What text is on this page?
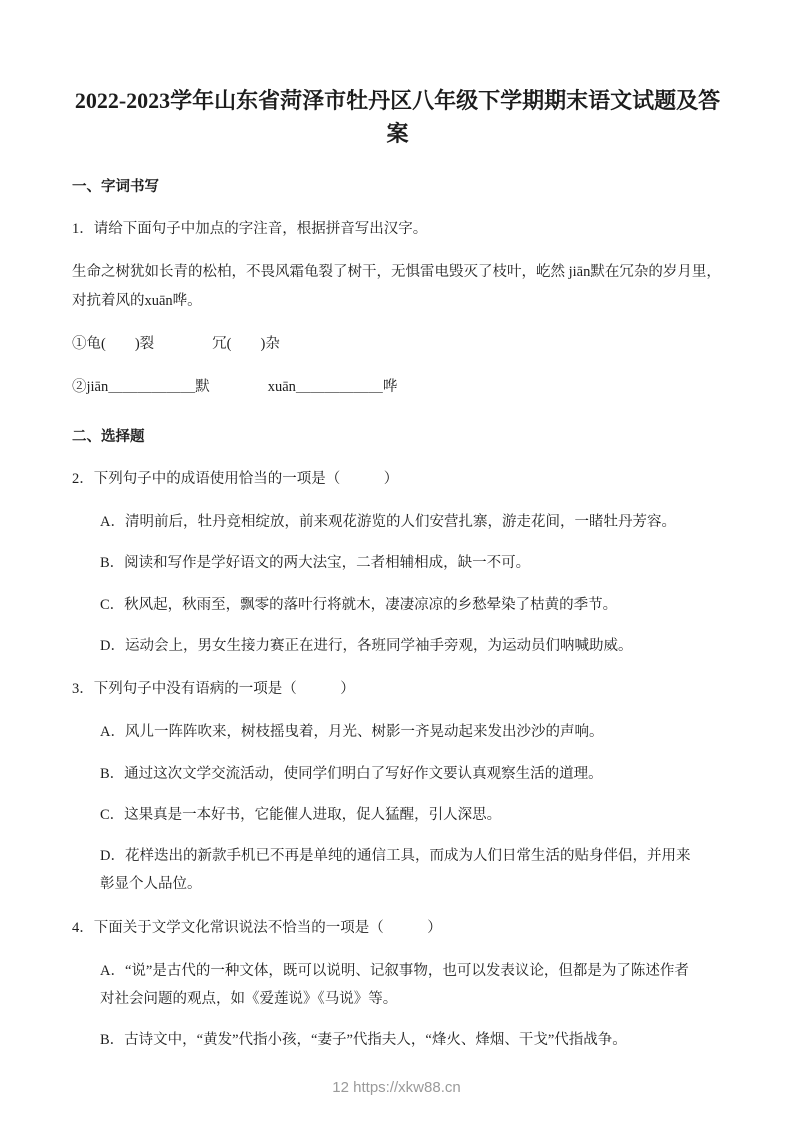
2022-2023学年山东省菏泽市牡丹区八年级下学期期末语文试题及答案

一、字词书写

1．请给下面句子中加点的字注音，根据拼音写出汉字。

生命之树犹如长青的松柏，不畏风霜龟裂了树干，无惧雷电毁灭了枝叶，屹然 jiān默在冗杂的岁月里，对抗着风的xuān哗。

①龟(　　)裂　　　　冗(　　)杂

②jiān＿＿＿＿＿＿默　　　　xuān＿＿＿＿＿＿哗

二、选择题

2．下列句子中的成语使用恰当的一项是（　　　）

A．清明前后，牡丹竞相绽放，前来观花游览的人们安营扎寨，游走花间，一睹牡丹芳容。

B．阅读和写作是学好语文的两大法宝，二者相辅相成，缺一不可。

C．秋风起，秋雨至，飘零的落叶行将就木，凄凄凉凉的乡愁晕染了枯黄的季节。

D．运动会上，男女生接力赛正在进行，各班同学袖手旁观，为运动员们呐喊助威。

3．下列句子中没有语病的一项是（　　　）

A．风儿一阵阵吹来，树枝摇曳着，月光、树影一齐晃动起来发出沙沙的声响。

B．通过这次文学交流活动，使同学们明白了写好作文要认真观察生活的道理。

C．这果真是一本好书，它能催人进取，促人猛醒，引人深思。

D．花样迭出的新款手机已不再是单纯的通信工具，而成为人们日常生活的贴身伴侣，并用来彰显个人品位。

4．下面关于文学文化常识说法不恰当的一项是（　　　）

A．“说”是古代的一种文体，既可以说明、记叙事物，也可以发表议论，但都是为了陈述作者对社会问题的观点，如《爱莲说》《马说》等。

B．古诗文中，“黄发”代指小孩，“妻子”代指夫人，“烽火、烽烟、干戈”代指战争。

12 https://xkw88.cn
